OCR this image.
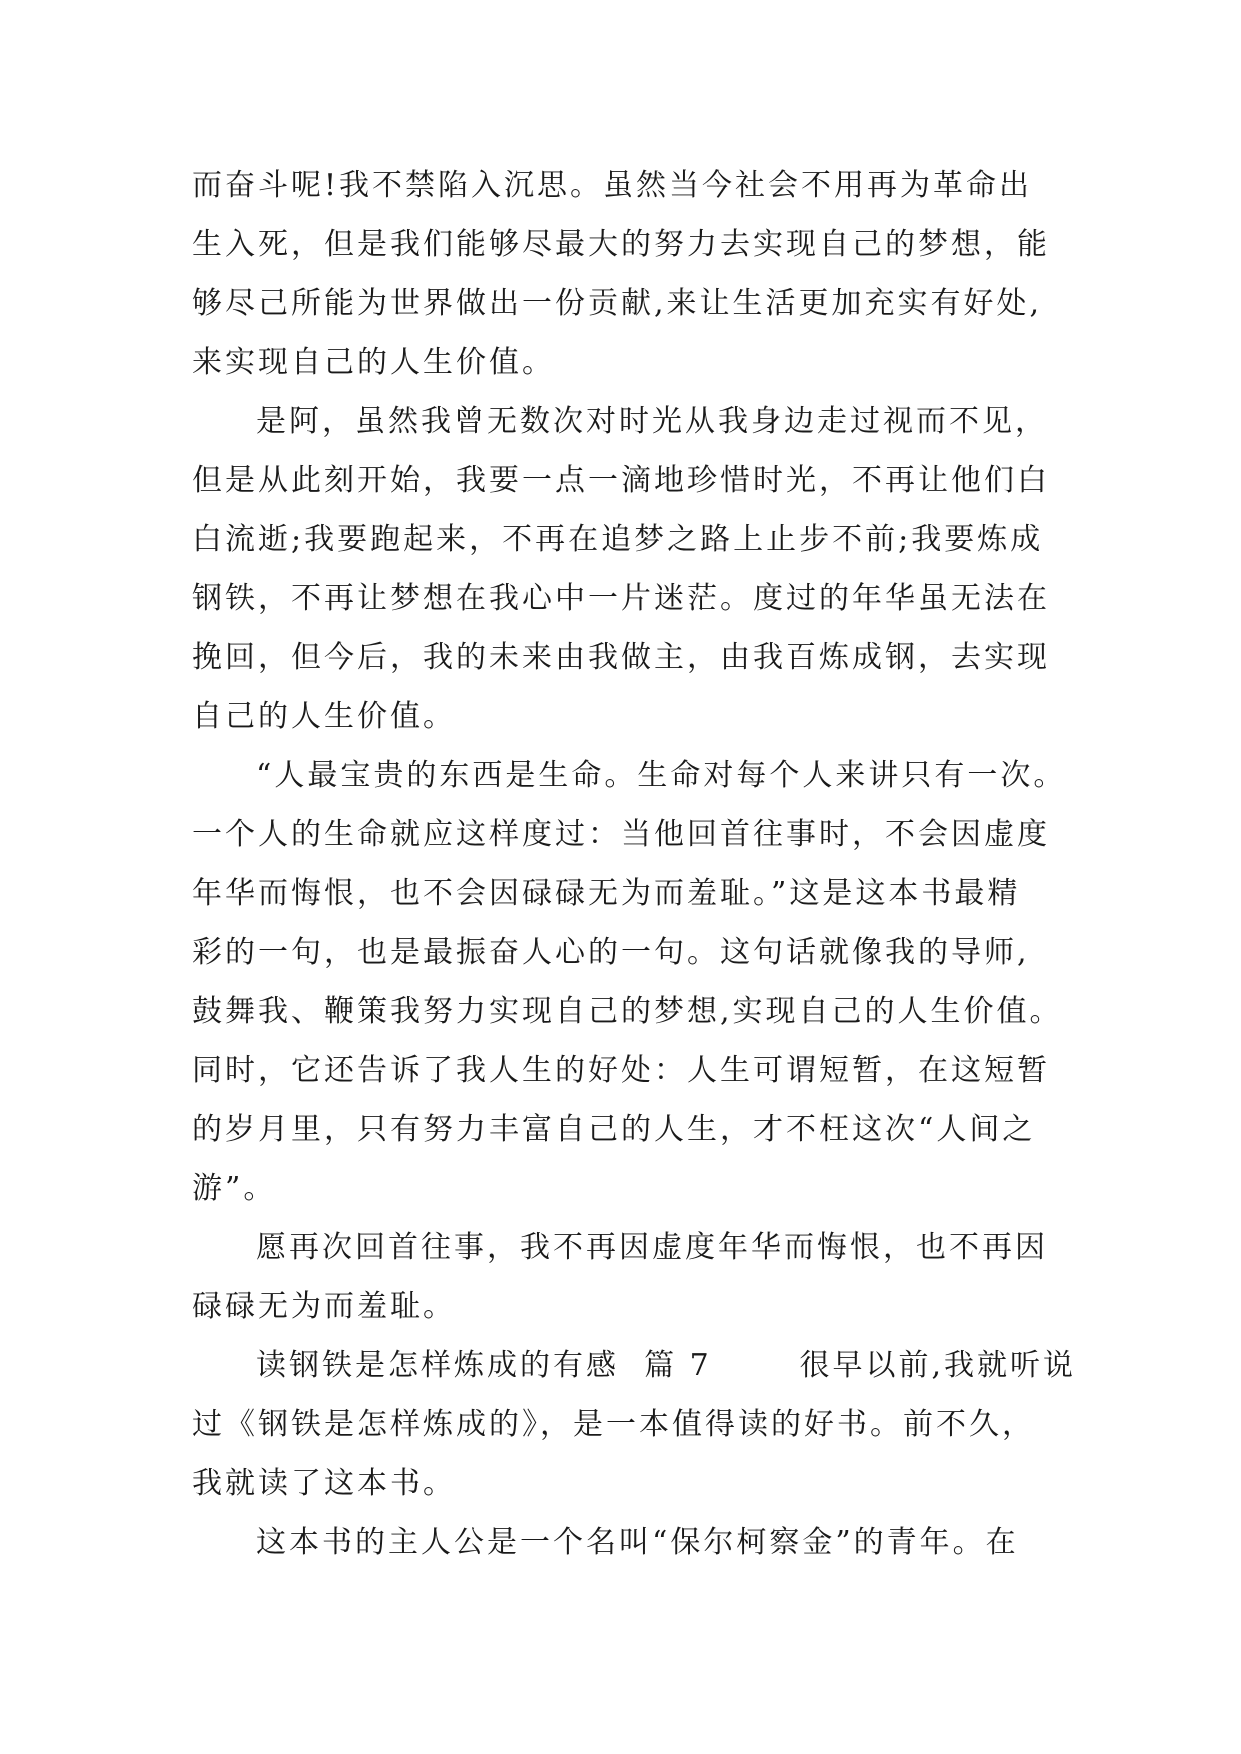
而奋斗呢!我不禁陷入沉思。虽然当今社会不用再为革命出
生入死，但是我们能够尽最大的努力去实现自己的梦想，能
够尽己所能为世界做出一份贡献,来让生活更加充实有好处,
来实现自己的人生价值。
是阿，虽然我曾无数次对时光从我身边走过视而不见，
但是从此刻开始，我要一点一滴地珍惜时光，不再让他们白
白流逝;我要跑起来，不再在追梦之路上止步不前;我要炼成
钢铁，不再让梦想在我心中一片迷茫。度过的年华虽无法在
挽回，但今后，我的未来由我做主，由我百炼成钢，去实现
自己的人生价值。
“人最宝贵的东西是生命。生命对每个人来讲只有一次。
一个人的生命就应这样度过：当他回首往事时，不会因虚度
年华而悔恨，也不会因碌碌无为而羞耻。”这是这本书最精
彩的一句，也是最振奋人心的一句。这句话就像我的导师,
鼓舞我、鞭策我努力实现自己的梦想,实现自己的人生价值。
同时，它还告诉了我人生的好处：人生可谓短暂，在这短暂
的岁月里，只有努力丰富自己的人生，才不枉这次“人间之
游”。
愿再次回首往事，我不再因虚度年华而悔恨，也不再因
碌碌无为而羞耻。
读钢铁是怎样炼成的有感  篇 7       很早以前,我就听说
过《钢铁是怎样炼成的》，是一本值得读的好书。前不久，
我就读了这本书。
这本书的主人公是一个名叫“保尔柯察金”的青年。在
